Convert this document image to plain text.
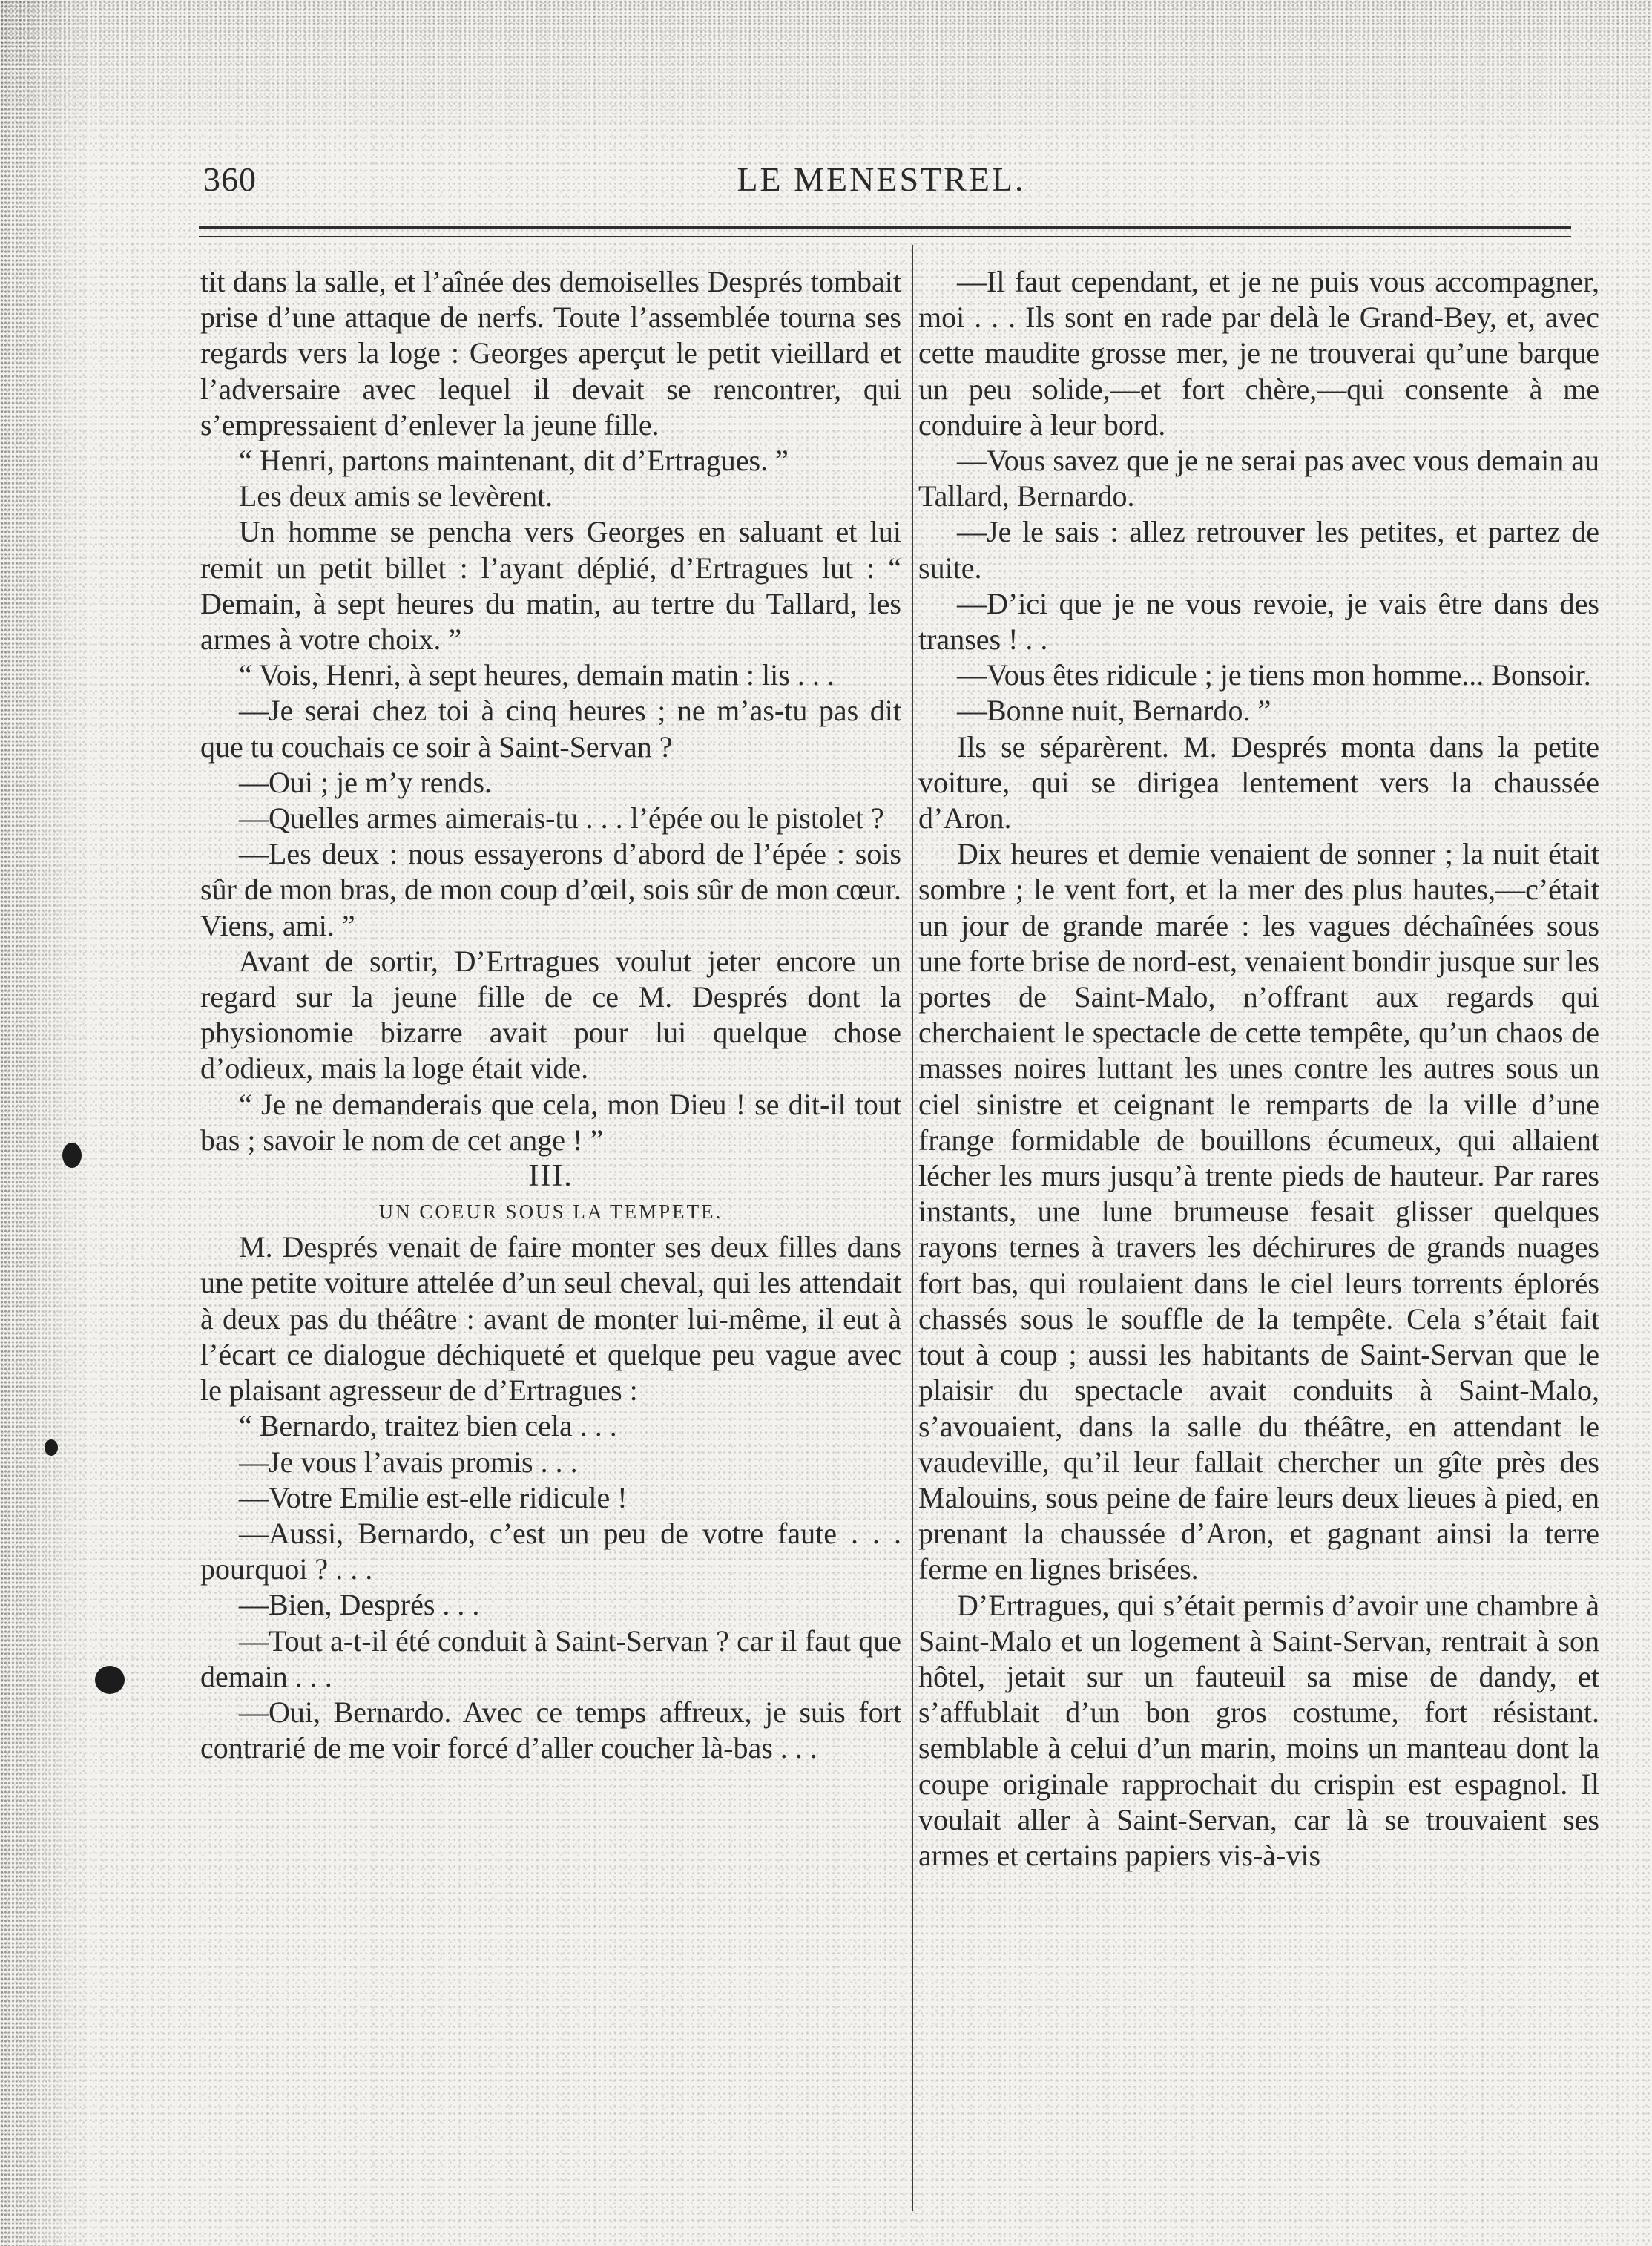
360	LE MENESTREL.

tit dans la salle, et l’aînée des demoiselles Després tombait prise d’une attaque de nerfs. Toute l’assemblée tourna ses regards vers la loge : Georges aperçut le petit vieillard et l’adversaire avec lequel il devait se rencontrer, qui s’empressaient d’enlever la jeune fille.

“ Henri, partons maintenant, dit d’Ertragues. ”

Les deux amis se levèrent.

Un homme se pencha vers Georges en saluant et lui remit un petit billet : l’ayant déplié, d’Ertragues lut : “ Demain, à sept heures du matin, au tertre du Tallard, les armes à votre choix. ”

“ Vois, Henri, à sept heures, demain matin : lis . . .

—Je serai chez toi à cinq heures ; ne m’as-tu pas dit que tu couchais ce soir à Saint-Servan ?

—Oui ; je m’y rends.

—Quelles armes aimerais-tu . . . l’épée ou le pistolet ?

—Les deux : nous essayerons d’abord de l’épée : sois sûr de mon bras, de mon coup d’œil, sois sûr de mon cœur. Viens, ami. ”

Avant de sortir, D’Ertragues voulut jeter encore un regard sur la jeune fille de ce M. Després dont la physionomie bizarre avait pour lui quelque chose d’odieux, mais la loge était vide.

“ Je ne demanderais que cela, mon Dieu ! se dit-il tout bas ; savoir le nom de cet ange ! ”

III.

UN COEUR SOUS LA TEMPETE.

M. Després venait de faire monter ses deux filles dans une petite voiture attelée d’un seul cheval, qui les attendait à deux pas du théâtre : avant de monter lui-même, il eut à l’écart ce dialogue déchiqueté et quelque peu vague avec le plaisant agresseur de d’Ertragues :

“ Bernardo, traitez bien cela . . .

—Je vous l’avais promis . . .

—Votre Emilie est-elle ridicule !

—Aussi, Bernardo, c’est un peu de votre faute . . . pourquoi ? . . .

—Bien, Després . . .

—Tout a-t-il été conduit à Saint-Servan ? car il faut que demain . . .

—Oui, Bernardo. Avec ce temps affreux, je suis fort contrarié de me voir forcé d’aller coucher là-bas . . .

—Il faut cependant, et je ne puis vous accompagner, moi . . . Ils sont en rade par delà le Grand-Bey, et, avec cette maudite grosse mer, je ne trouverai qu’une barque un peu solide,—et fort chère,—qui consente à me conduire à leur bord.

—Vous savez que je ne serai pas avec vous demain au Tallard, Bernardo.

—Je le sais : allez retrouver les petites, et partez de suite.

—D’ici que je ne vous revoie, je vais être dans des transes ! . .

—Vous êtes ridicule ; je tiens mon homme... Bonsoir.

—Bonne nuit, Bernardo. ”

Ils se séparèrent. M. Després monta dans la petite voiture, qui se dirigea lentement vers la chaussée d’Aron.

Dix heures et demie venaient de sonner ; la nuit était sombre ; le vent fort, et la mer des plus hautes,—c’était un jour de grande marée : les vagues déchaînées sous une forte brise de nord-est, venaient bondir jusque sur les portes de Saint-Malo, n’offrant aux regards qui cherchaient le spectacle de cette tempête, qu’un chaos de masses noires luttant les unes contre les autres sous un ciel sinistre et ceignant le remparts de la ville d’une frange formidable de bouillons écumeux, qui allaient lécher les murs jusqu’à trente pieds de hauteur. Par rares instants, une lune brumeuse fesait glisser quelques rayons ternes à travers les déchirures de grands nuages fort bas, qui roulaient dans le ciel leurs torrents éplorés chassés sous le souffle de la tempête. Cela s’était fait tout à coup ; aussi les habitants de Saint-Servan que le plaisir du spectacle avait conduits à Saint-Malo, s’avouaient, dans la salle du théâtre, en attendant le vaudeville, qu’il leur fallait chercher un gîte près des Malouins, sous peine de faire leurs deux lieues à pied, en prenant la chaussée d’Aron, et gagnant ainsi la terre ferme en lignes brisées.

D’Ertragues, qui s’était permis d’avoir une chambre à Saint-Malo et un logement à Saint-Servan, rentrait à son hôtel, jetait sur un fauteuil sa mise de dandy, et s’affublait d’un bon gros costume, fort résistant. semblable à celui d’un marin, moins un manteau dont la coupe originale rapprochait du crispin est espagnol. Il voulait aller à Saint-Servan, car là se trouvaient ses armes et certains papiers vis-à-vis
